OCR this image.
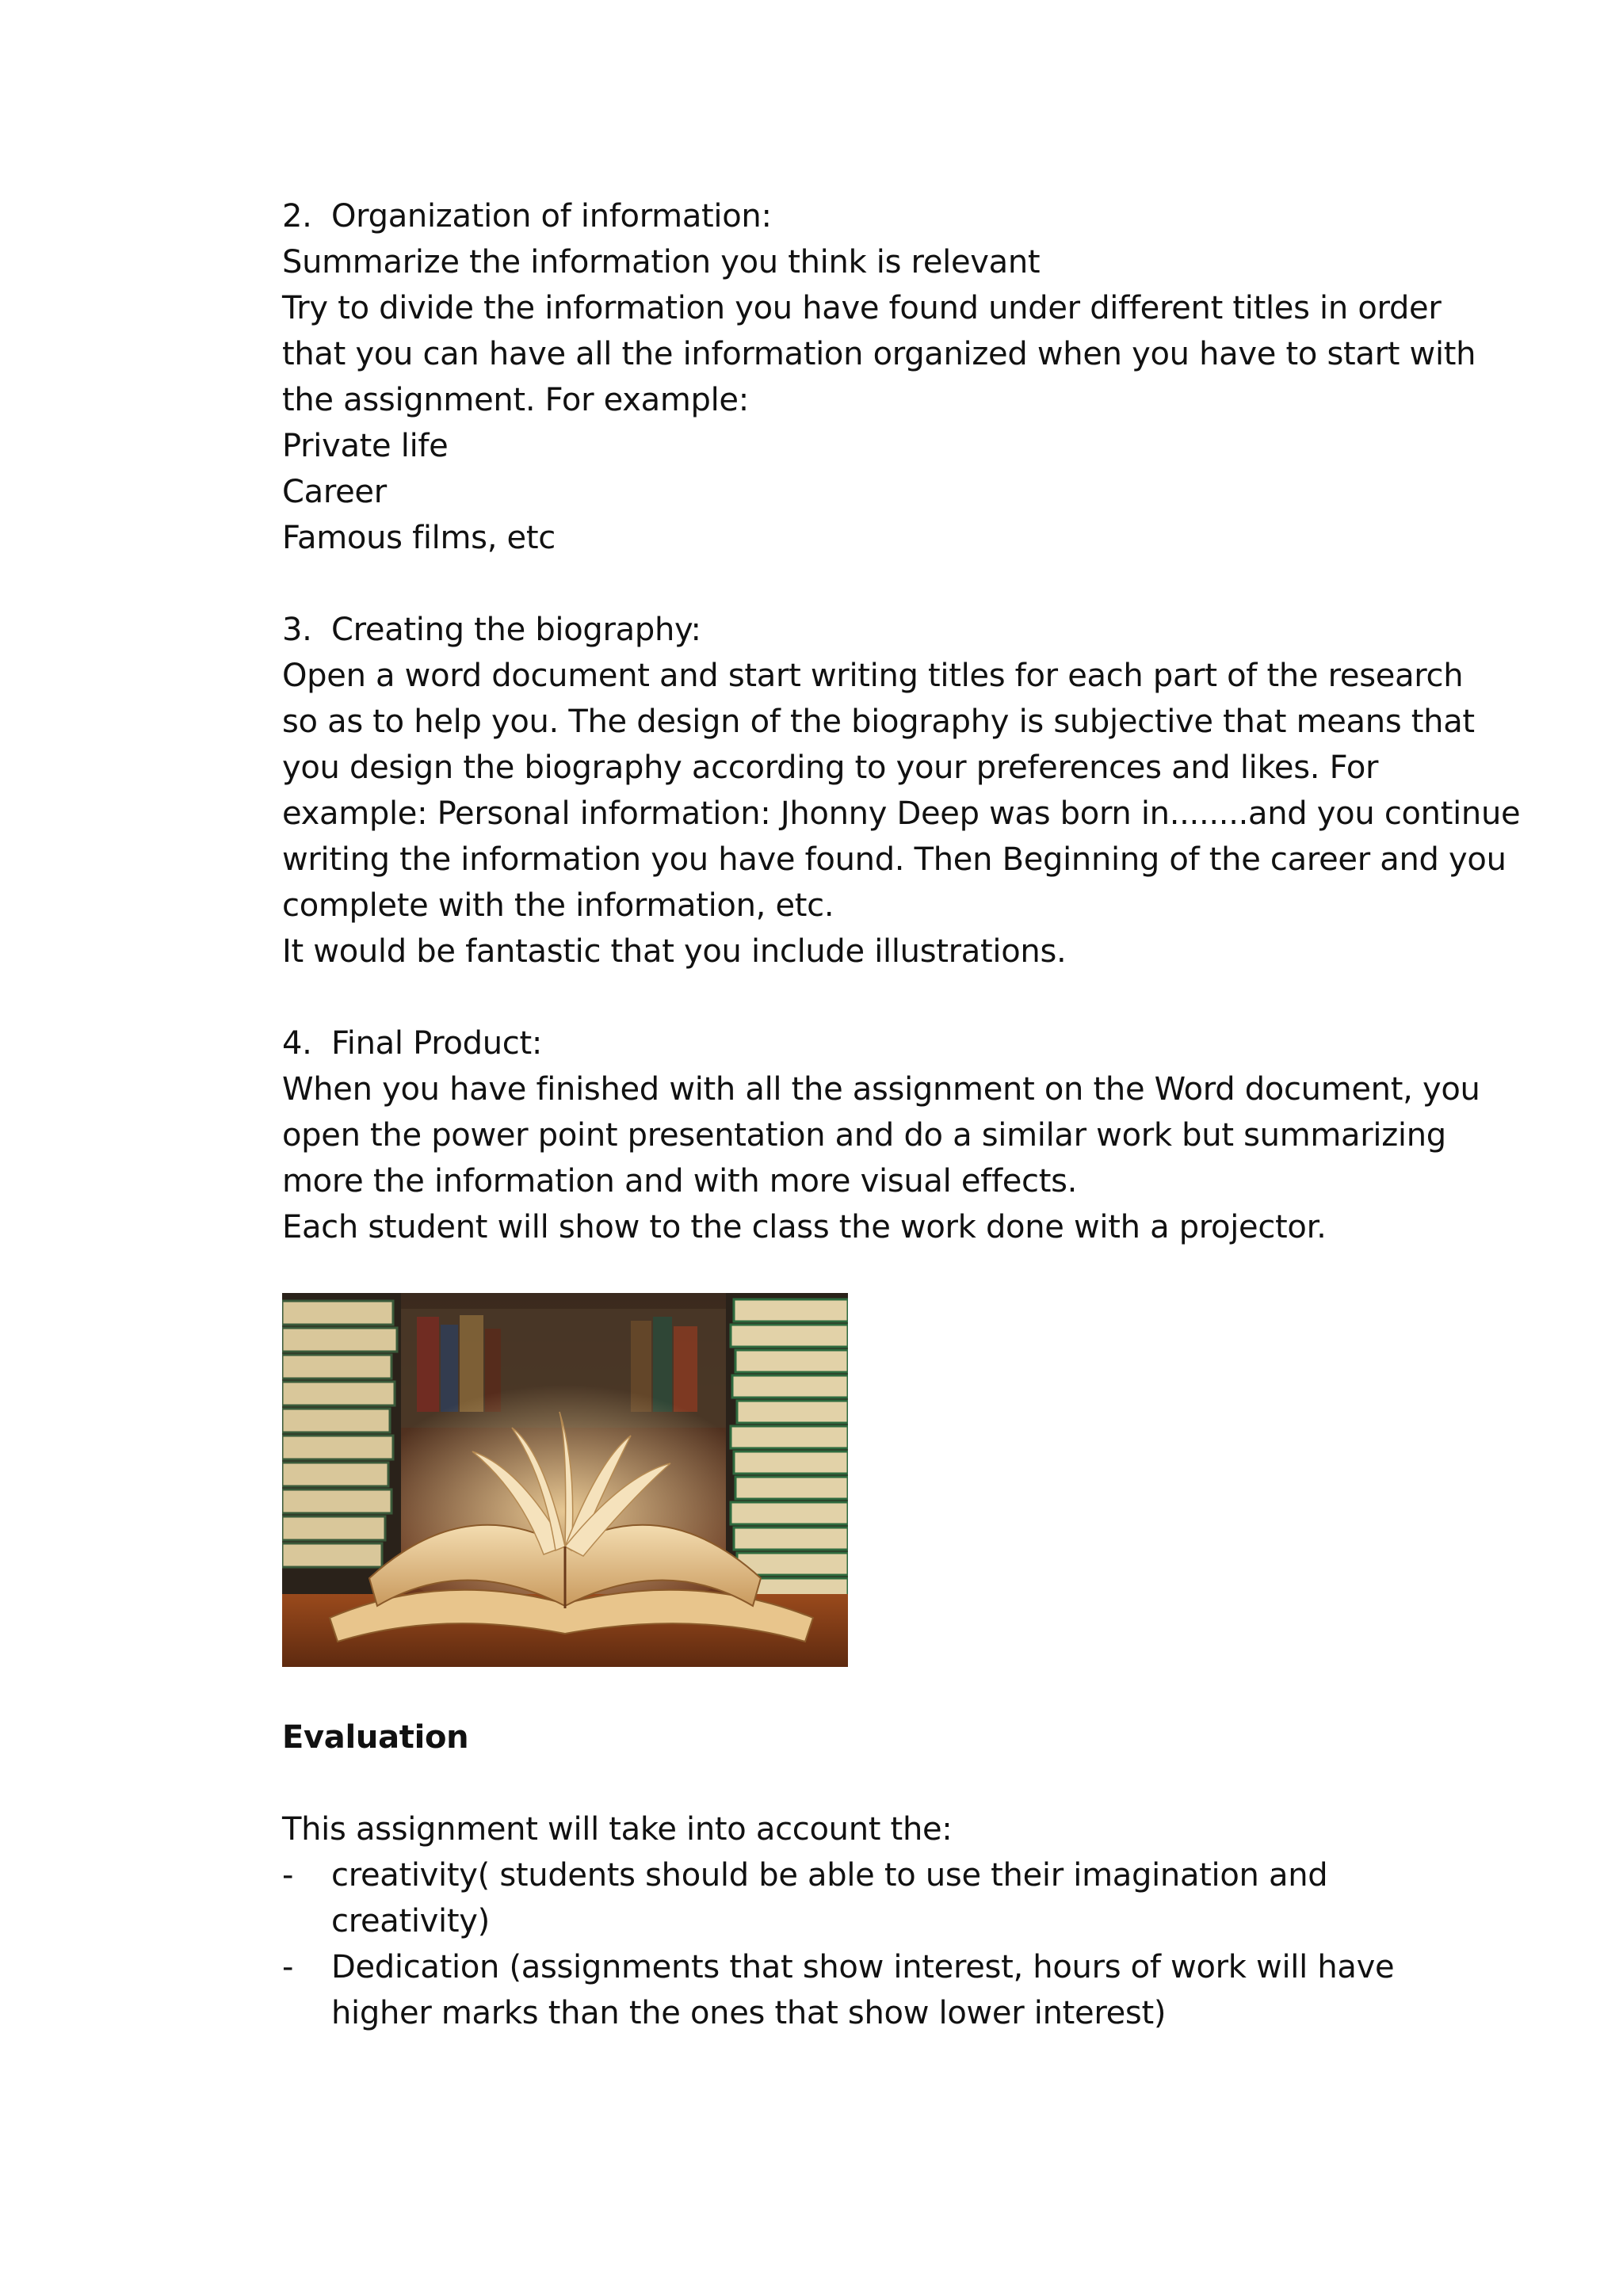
2. Organization of information:
Summarize the information you think is relevant
Try to divide the information you have found under different titles in order
that you can have all the information organized when you have to start with
the assignment. For example:
Private life
Career
Famous films, etc
3. Creating the biography:
Open a word document and start writing titles for each part of the research
so as to help you. The design of the biography is subjective that means that
you design the biography according to your preferences and likes. For
example: Personal information: Jhonny Deep was born in........and you continue
writing the information you have found. Then Beginning of the career and you
complete with the information, etc.
It would be fantastic that you include illustrations.
4. Final Product:
When you have finished with all the assignment on the Word document, you
open the power point presentation and do a similar work but summarizing
more the information and with more visual effects.
Each student will show to the class the work done with a projector.
Evaluation
This assignment will take into account the:
-	creativity( students should be able to use their imagination and creativity)
-	Dedication (assignments that show interest, hours of work will have higher marks than the ones that show lower interest)
